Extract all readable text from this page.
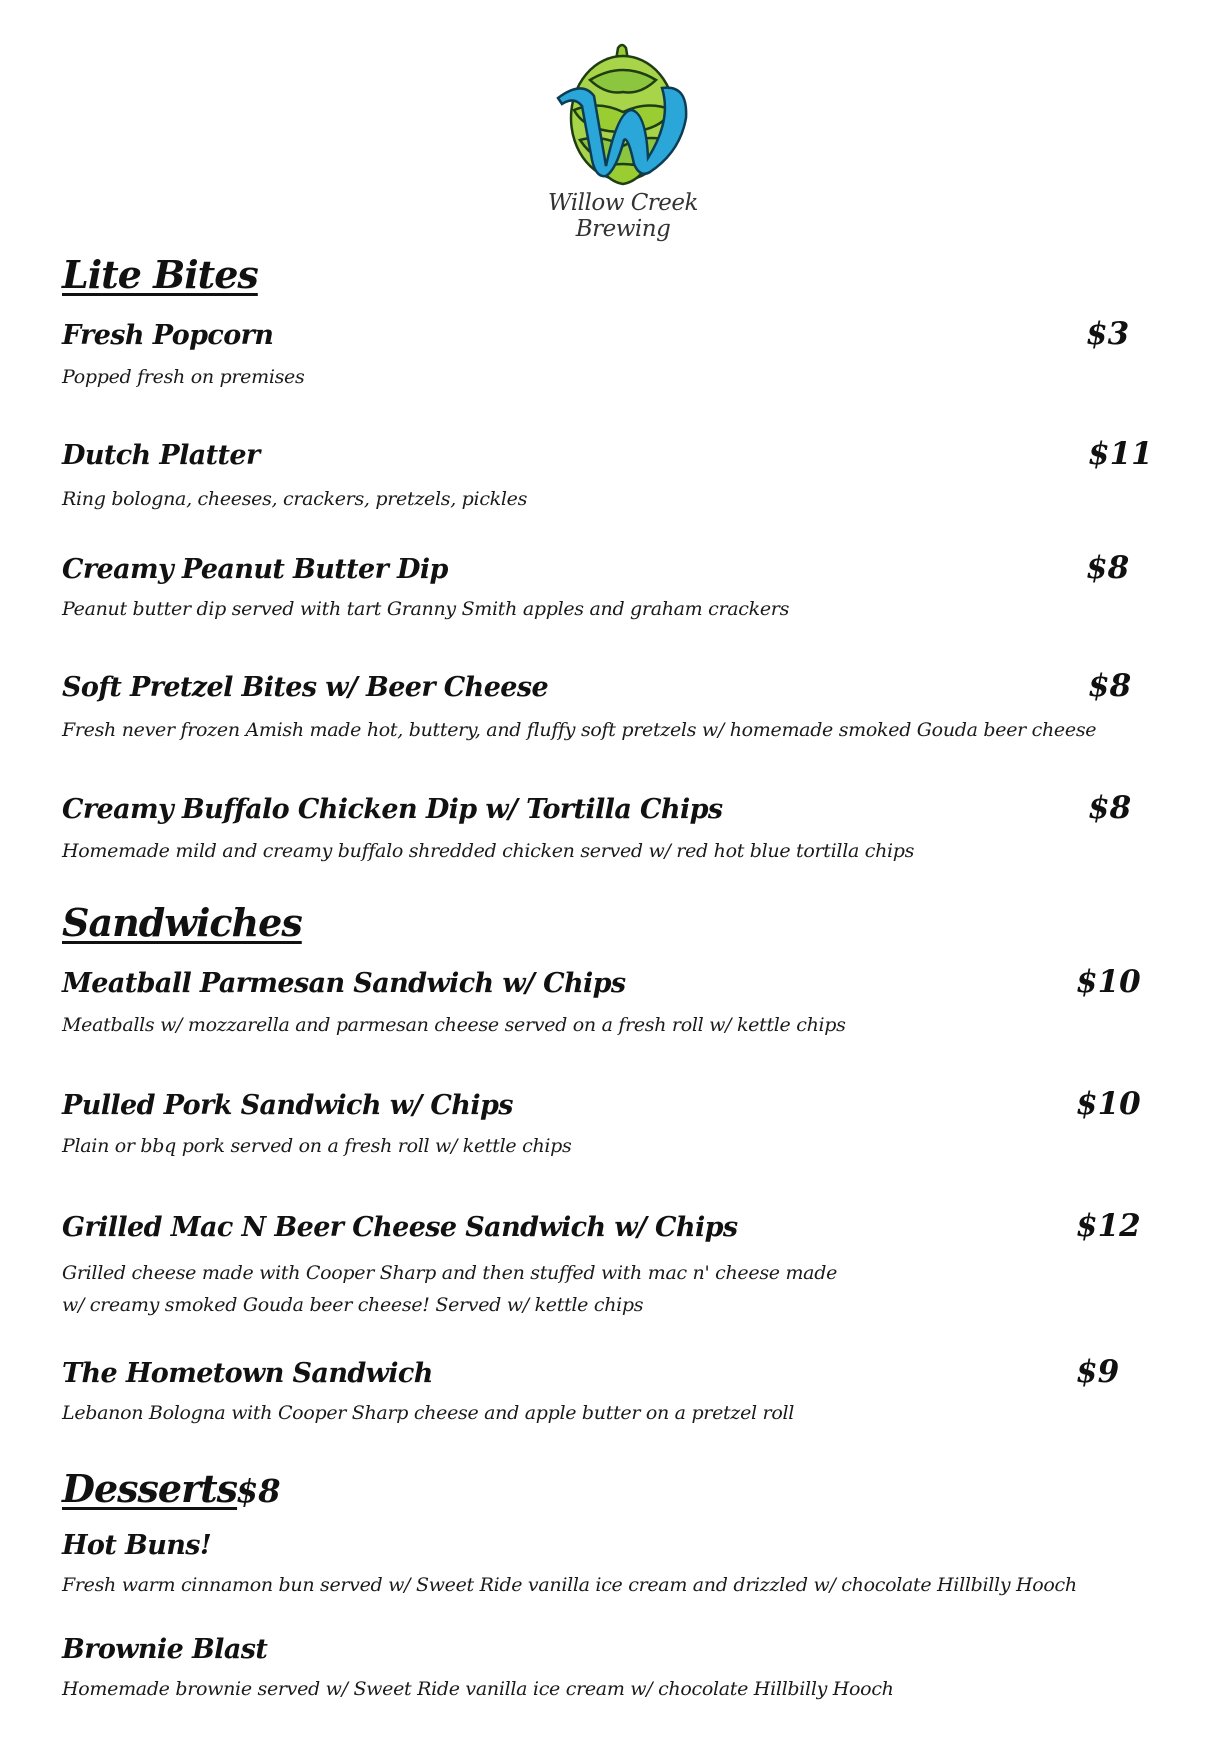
Willow Creek Brewing
Lite Bites
Fresh Popcorn	$3
Popped fresh on premises
Dutch Platter	$11
Ring bologna, cheeses, crackers, pretzels, pickles
Creamy Peanut Butter Dip	$8
Peanut butter dip served with tart Granny Smith apples and graham crackers
Soft Pretzel Bites w/ Beer Cheese	$8
Fresh never frozen Amish made hot, buttery, and fluffy soft pretzels w/ homemade smoked Gouda beer cheese
Creamy Buffalo Chicken Dip w/ Tortilla Chips	$8
Homemade mild and creamy buffalo shredded chicken served w/ red hot blue tortilla chips
Sandwiches
Meatball Parmesan Sandwich w/ Chips	$10
Meatballs w/ mozzarella and parmesan cheese served on a fresh roll w/ kettle chips
Pulled Pork Sandwich w/ Chips	$10
Plain or bbq pork served on a fresh roll w/ kettle chips
Grilled Mac N Beer Cheese Sandwich w/ Chips	$12
Grilled cheese made with Cooper Sharp and then stuffed with mac n' cheese made
w/ creamy smoked Gouda beer cheese! Served w/ kettle chips
The Hometown Sandwich	$9
Lebanon Bologna with Cooper Sharp cheese and apple butter on a pretzel roll
Desserts
$8
Hot Buns!
Fresh warm cinnamon bun served w/ Sweet Ride vanilla ice cream and drizzled w/ chocolate Hillbilly Hooch
Brownie Blast
Homemade brownie served w/ Sweet Ride vanilla ice cream w/ chocolate Hillbilly Hooch
